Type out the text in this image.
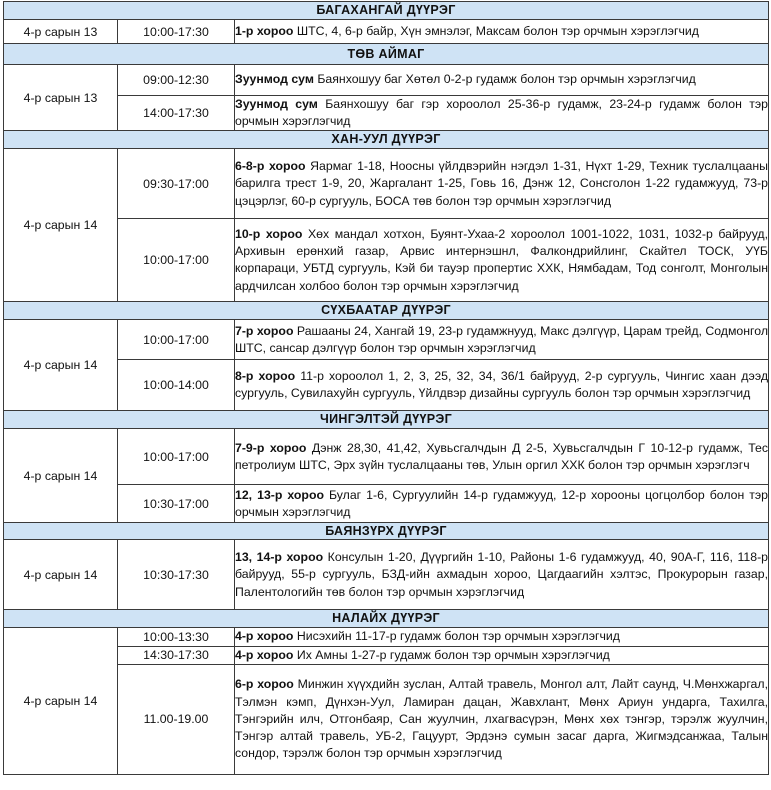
БАГАХАНГАЙ ДҮҮРЭГ		
4-р сарын 13	10:00-17:30	1-р хороо ШТС, 4, 6-р байр, Хүн эмнэлэг, Максам болон тэр орчмын хэрэглэгчид
ТӨВ АЙМАГ		
4-р сарын 13	09:00-12:30	Зуунмод сум Баянхошуу баг Хөтөл 0-2-р гудамж болон тэр орчмын хэрэглэгчид
	14:00-17:30	Зуунмод сум Баянхошуу баг гэр хороолол 25-36-р гудамж, 23-24-р гудамж болон тэр орчмын хэрэглэгчид
ХАН-УУЛ ДҮҮРЭГ		
4-р сарын 14	09:30-17:00	6-8-р хороо Яармаг 1-18, Ноосны үйлдвэрийн нэгдэл 1-31, Нүхт 1-29, Техник туслалцааны барилга трест 1-9, 20, Жаргалант 1-25, Говь 16, Дэнж 12, Сонсголон 1-22 гудамжууд, 73-р цэцэрлэг, 60-р сургууль, БОСА төв болон тэр орчмын хэрэглэгчид
	10:00-17:00	10-р хороо Хөх мандал хотхон, Буянт-Ухаа-2 хороолол 1001-1022, 1031, 1032-р байрууд, Архивын ерөнхий газар, Арвис интернэшнл, Фалкондрийлинг, Скайтел ТОСК, УҮБ корпараци, УБТД сургууль, Кэй би тауэр пропертис ХХК, Нямбадам, Тод сонголт, Монголын ардчилсан холбоо болон тэр орчмын хэрэглэгчид
СҮХБААТАР ДҮҮРЭГ		
4-р сарын 14	10:00-17:00	7-р хороо Рашааны 24, Хангай 19, 23-р гудамжнууд, Макс дэлгүүр, Царам трейд, Содмонгол ШТС, сансар дэлгүүр болон тэр орчмын хэрэглэгчид
	10:00-14:00	8-р хороо 11-р хороолол 1, 2, 3, 25, 32, 34, 36/1 байрууд, 2-р сургууль, Чингис хаан дээд сургууль, Сувилахуйн сургууль, Үйлдвэр дизайны сургууль болон тэр орчмын хэрэглэгчид
ЧИНГЭЛТЭЙ ДҮҮРЭГ		
4-р сарын 14	10:00-17:00	7-9-р хороо Дэнж 28,30, 41,42, Хувьсгалчдын Д 2-5, Хувьсгалчдын Г 10-12-р гудамж, Тес петролиум ШТС, Эрх зүйн туслалцааны төв, Улын оргил ХХК болон тэр орчмын хэрэглэгч
	10:30-17:00	12, 13-р хороо Булаг 1-6, Сургуулийн 14-р гудамжууд, 12-р хорооны цогцолбор болон тэр орчмын хэрэглэгчид
БАЯНЗҮРХ ДҮҮРЭГ		
4-р сарын 14	10:30-17:30	13, 14-р хороо Консулын 1-20, Дүүргийн 1-10, Районы 1-6 гудамжууд, 40, 90А-Г, 116, 118-р байрууд, 55-р сургууль, БЗД-ийн ахмадын хороо, Цагдаагийн хэлтэс, Прокурорын газар, Палентологийн төв болон тэр орчмын хэрэглэгчид
НАЛАЙХ ДҮҮРЭГ		
4-р сарын 14	10:00-13:30	4-р хороо Нисэхийн 11-17-р гудамж болон тэр орчмын хэрэглэгчид
	14:30-17:30	4-р хороо Их Амны 1-27-р гудамж болон тэр орчмын хэрэглэгчид
	11.00-19.00	6-р хороо Минжин хүүхдийн зуслан, Алтай травель, Монгол алт, Лайт саунд, Ч.Мөнхжаргал, Тэлмэн кэмп, Дүнхэн-Уул, Ламиран дацан, Жавхлант, Мөнх Ариун ундарга, Тахилга, Тэнгэрийн илч, Отгонбаяр, Сан жуулчин, лхагвасүрэн, Мөнх хөх тэнгэр, тэрэлж жуулчин, Тэнгэр алтай травель, УБ-2, Гацуурт, Эрдэнэ сумын засаг дарга, Жигмэдсанжаа, Талын сондор, тэрэлж болон тэр орчмын хэрэглэгчид
